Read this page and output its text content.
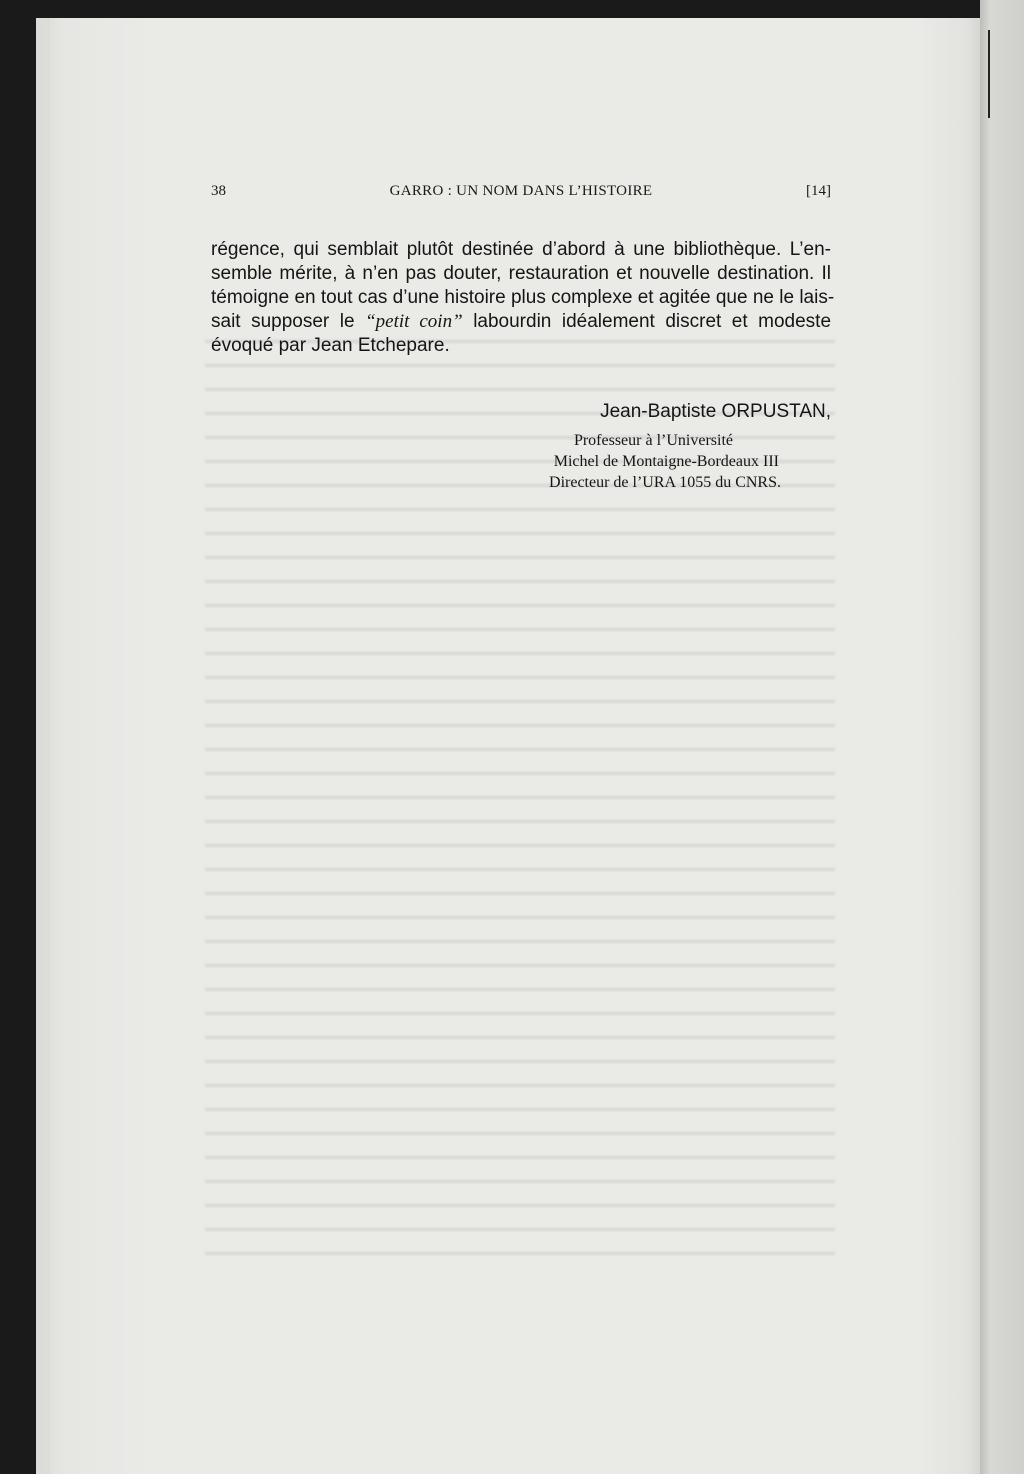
38	GARRO : UN NOM DANS L’HISTOIRE	[14]
régence, qui semblait plutôt destinée d’abord à une bibliothèque. L’en-
semble mérite, à n’en pas douter, restauration et nouvelle destination. Il
témoigne en tout cas d’une histoire plus complexe et agitée que ne le lais-
sait supposer le “petit coin” labourdin idéalement discret et modeste
évoqué par Jean Etchepare.

Jean-Baptiste ORPUSTAN,

Professeur à l’Université

Michel de Montaigne-Bordeaux III

Directeur de l’URA 1055 du CNRS.
